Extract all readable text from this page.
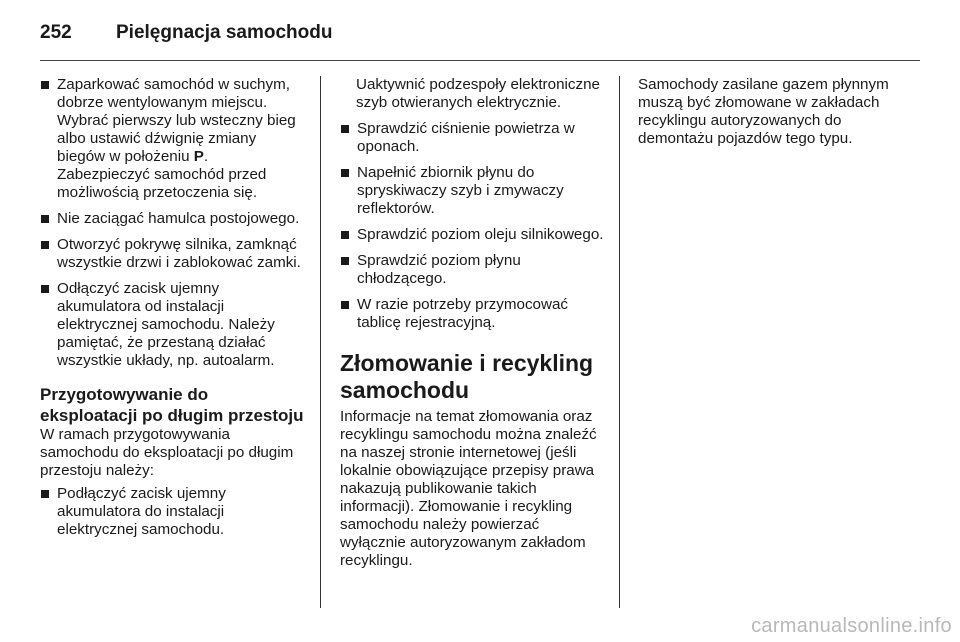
252	Pielęgnacja samochodu
Zaparkować samochód w suchym, dobrze wentylowanym miejscu.
Wybrać pierwszy lub wsteczny bieg albo ustawić dźwignię zmiany biegów w położeniu P.
Zabezpieczyć samochód przed możliwością przetoczenia się.
Nie zaciągać hamulca postojowego.
Otworzyć pokrywę silnika, zamknąć wszystkie drzwi i zablokować zamki.
Odłączyć zacisk ujemny akumulatora od instalacji elektrycznej samochodu. Należy pamiętać, że przestaną działać wszystkie układy, np. autoalarm.
Przygotowywanie do eksploatacji po długim przestoju

W ramach przygotowywania samochodu do eksploatacji po długim przestoju należy:

Podłączyć zacisk ujemny akumulatora do instalacji elektrycznej samochodu.

Uaktywnić podzespoły elektroniczne szyb otwieranych elektrycznie.

Sprawdzić ciśnienie powietrza w oponach.
Napełnić zbiornik płynu do spryskiwaczy szyb i zmywaczy reflektorów.
Sprawdzić poziom oleju silnikowego.
Sprawdzić poziom płynu chłodzącego.
W razie potrzeby przymocować tablicę rejestracyjną.
Złomowanie i recykling samochodu

Informacje na temat złomowania oraz recyklingu samochodu można znaleźć na naszej stronie internetowej (jeśli lokalnie obowiązujące przepisy prawa nakazują publikowanie takich informacji). Złomowanie i recykling samochodu należy powierzać wyłącznie autoryzowanym zakładom recyklingu.

Samochody zasilane gazem płynnym muszą być złomowane w zakładach recyklingu autoryzowanych do demontażu pojazdów tego typu.

carmanualsonline.info
